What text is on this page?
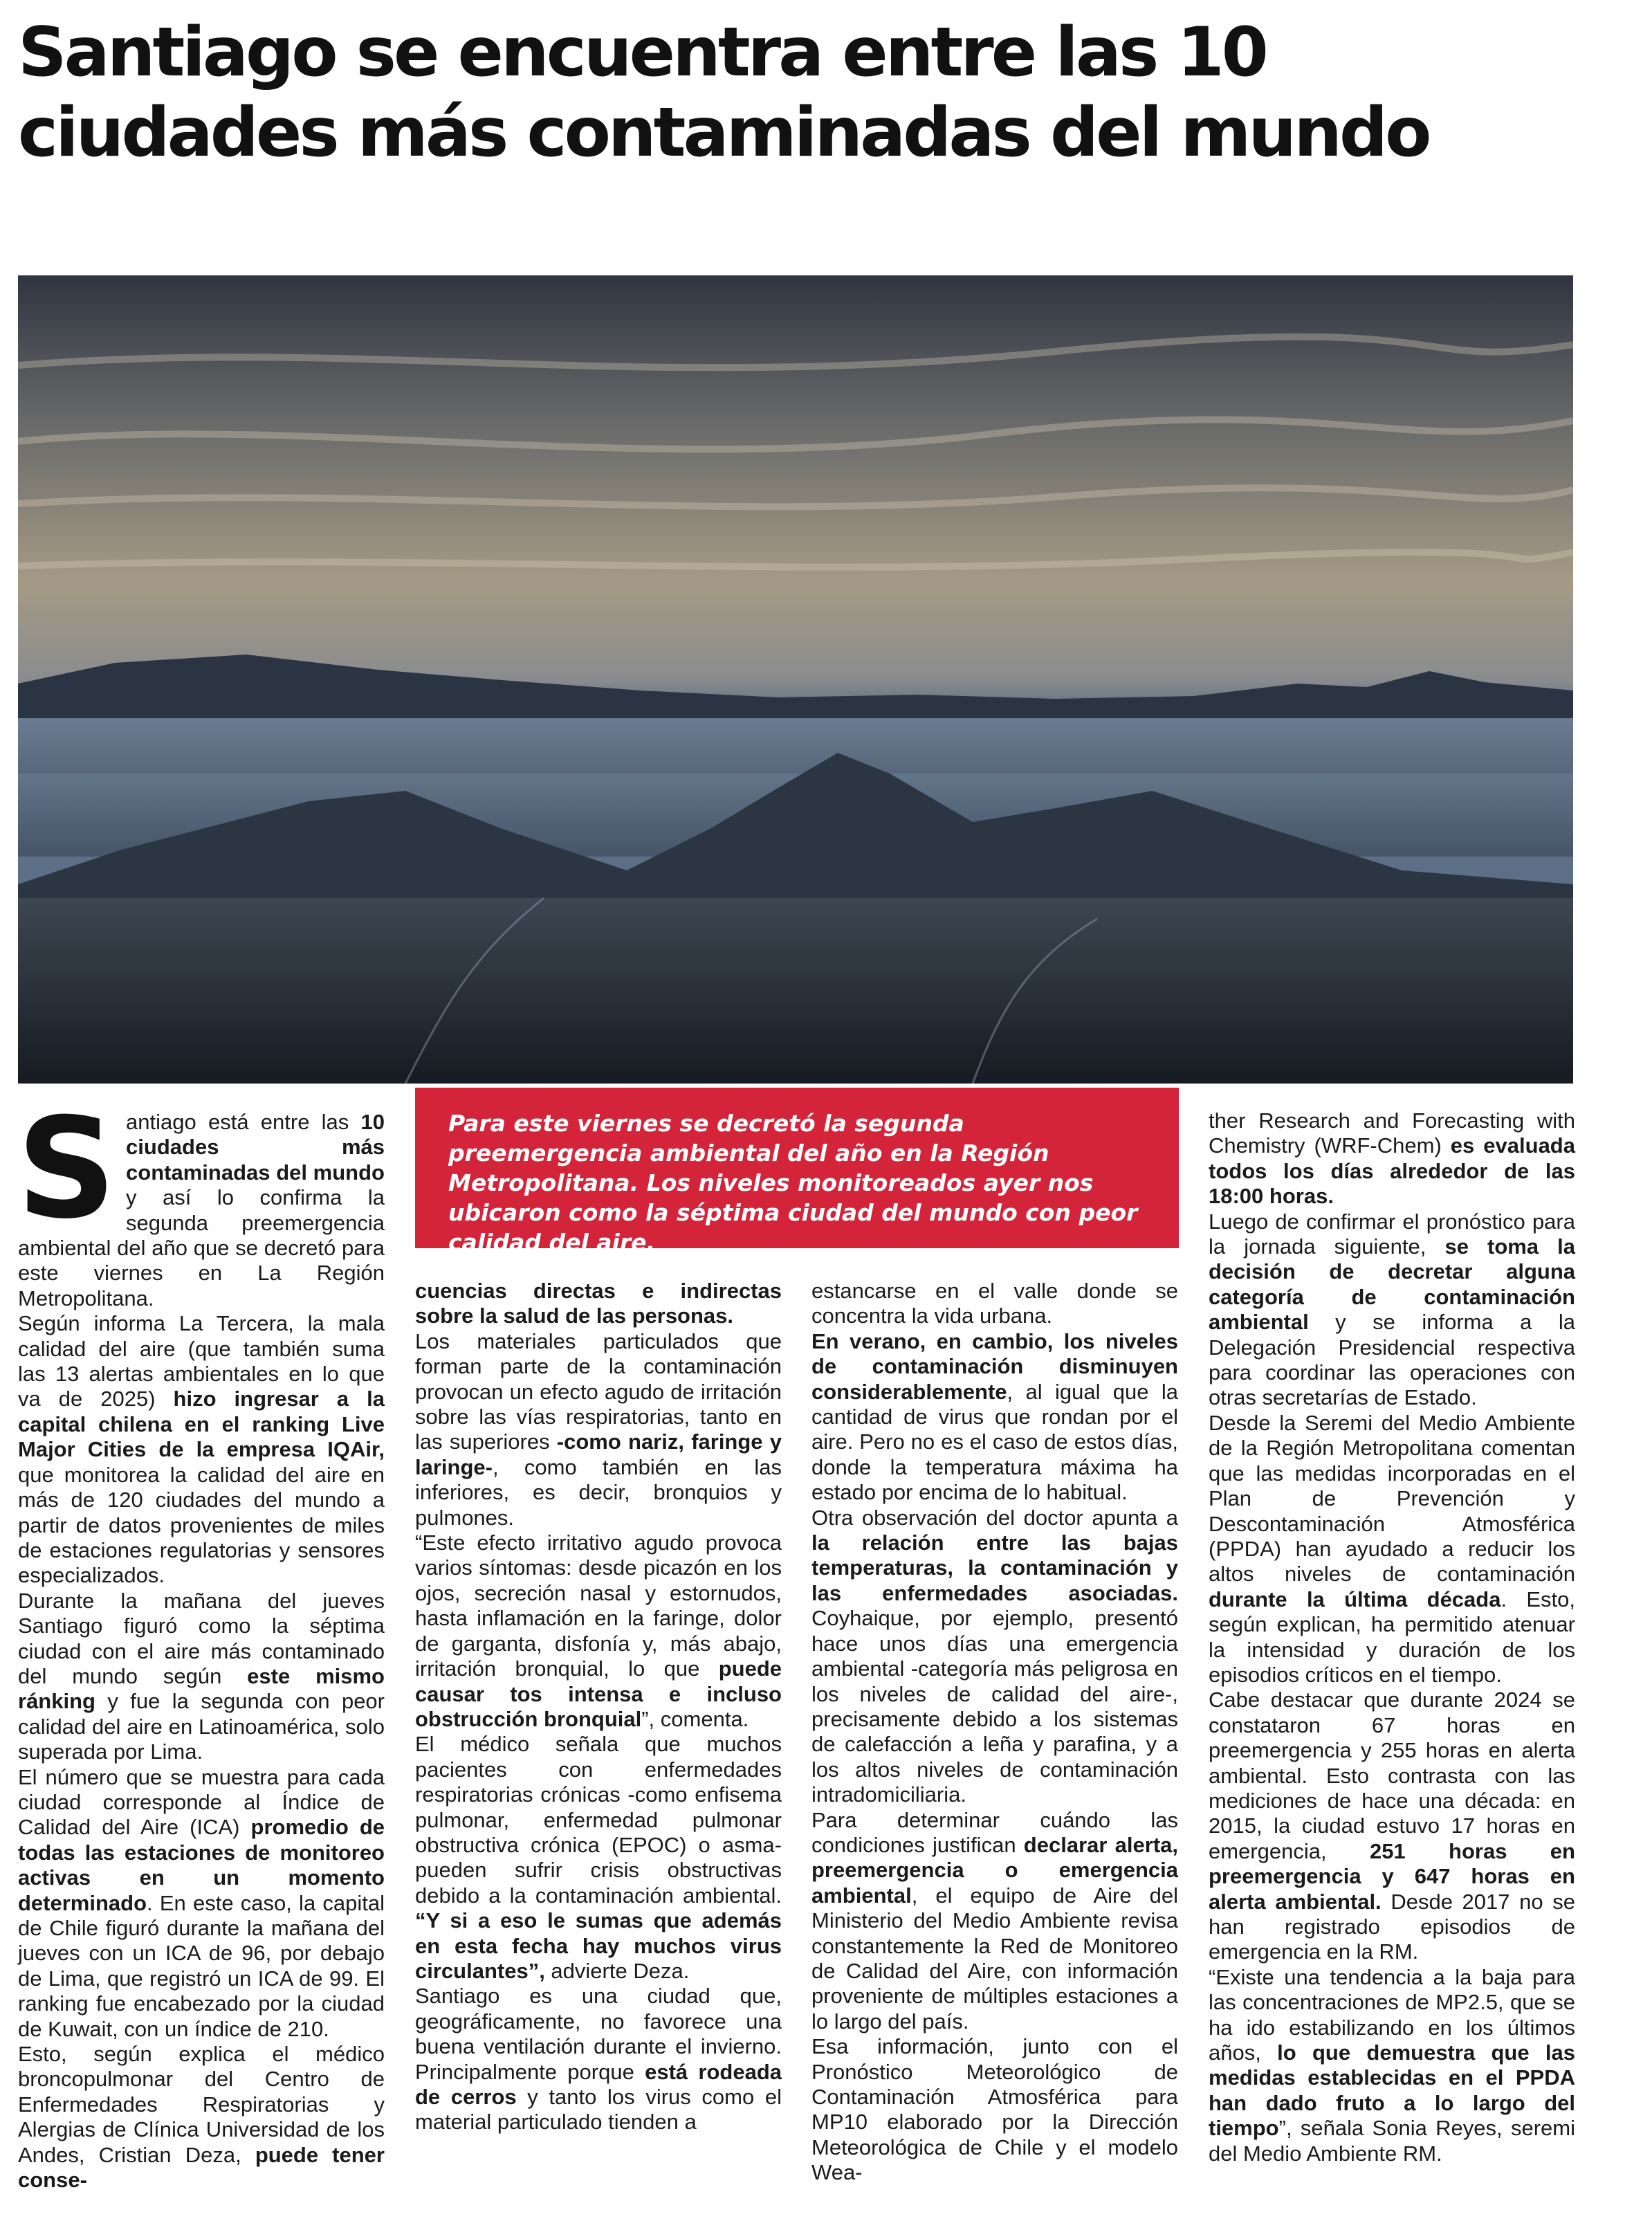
Santiago se encuentra entre las 10 ciudades más contaminadas del mundo
Para este viernes se decretó la segunda preemergencia ambiental del año en la Región Metropolitana. Los niveles monitoreados ayer nos ubicaron como la séptima ciudad del mundo con peor calidad del aire.
S antiago está entre las 10 ciudades más contaminadas del mundo y así lo confirma la segunda preemergencia ambiental del año que se decretó para este viernes en La Región Metropolitana.

Según informa La Tercera, la mala calidad del aire (que también suma las 13 alertas ambientales en lo que va de 2025) hizo ingresar a la capital chilena en el ranking Live Major Cities de la empresa IQAir, que monitorea la calidad del aire en más de 120 ciudades del mundo a partir de datos provenientes de miles de estaciones regulatorias y sensores especializados.

Durante la mañana del jueves Santiago figuró como la séptima ciudad con el aire más contaminado del mundo según este mismo ránking y fue la segunda con peor calidad del aire en Latinoamérica, solo superada por Lima.

El número que se muestra para cada ciudad corresponde al Índice de Calidad del Aire (ICA) promedio de todas las estaciones de monitoreo activas en un momento determinado. En este caso, la capital de Chile figuró durante la mañana del jueves con un ICA de 96, por debajo de Lima, que registró un ICA de 99. El ranking fue encabezado por la ciudad de Kuwait, con un índice de 210.

Esto, según explica el médico broncopulmonar del Centro de Enfermedades Respiratorias y Alergias de Clínica Universidad de los Andes, Cristian Deza, puede tener conse-

cuencias directas e indirectas sobre la salud de las personas.

Los materiales particulados que forman parte de la contaminación provocan un efecto agudo de irritación sobre las vías respiratorias, tanto en las superiores -como nariz, faringe y laringe-, como también en las inferiores, es decir, bronquios y pulmones.

“Este efecto irritativo agudo provoca varios síntomas: desde picazón en los ojos, secreción nasal y estornudos, hasta inflamación en la faringe, dolor de garganta, disfonía y, más abajo, irritación bronquial, lo que puede causar tos intensa e incluso obstrucción bronquial”, comenta.

El médico señala que muchos pacientes con enfermedades respiratorias crónicas -como enfisema pulmonar, enfermedad pulmonar obstructiva crónica (EPOC) o asma- pueden sufrir crisis obstructivas debido a la contaminación ambiental. “Y si a eso le sumas que además en esta fecha hay muchos virus circulantes”, advierte Deza.

Santiago es una ciudad que, geográficamente, no favorece una buena ventilación durante el invierno. Principalmente porque está rodeada de cerros y tanto los virus como el material particulado tienden a

estancarse en el valle donde se concentra la vida urbana.

En verano, en cambio, los niveles de contaminación disminuyen considerablemente, al igual que la cantidad de virus que rondan por el aire. Pero no es el caso de estos días, donde la temperatura máxima ha estado por encima de lo habitual.

Otra observación del doctor apunta a la relación entre las bajas temperaturas, la contaminación y las enfermedades asociadas. Coyhaique, por ejemplo, presentó hace unos días una emergencia ambiental -categoría más peligrosa en los niveles de calidad del aire-, precisamente debido a los sistemas de calefacción a leña y parafina, y a los altos niveles de contaminación intradomiciliaria.

Para determinar cuándo las condiciones justifican declarar alerta, preemergencia o emergencia ambiental, el equipo de Aire del Ministerio del Medio Ambiente revisa constantemente la Red de Monitoreo de Calidad del Aire, con información proveniente de múltiples estaciones a lo largo del país.

Esa información, junto con el Pronóstico Meteorológico de Contaminación Atmosférica para MP10 elaborado por la Dirección Meteorológica de Chile y el modelo Wea-

ther Research and Forecasting with Chemistry (WRF-Chem) es evaluada todos los días alrededor de las 18:00 horas.

Luego de confirmar el pronóstico para la jornada siguiente, se toma la decisión de decretar alguna categoría de contaminación ambiental y se informa a la Delegación Presidencial respectiva para coordinar las operaciones con otras secretarías de Estado.

Desde la Seremi del Medio Ambiente de la Región Metropolitana comentan que las medidas incorporadas en el Plan de Prevención y Descontaminación Atmosférica (PPDA) han ayudado a reducir los altos niveles de contaminación durante la última década. Esto, según explican, ha permitido atenuar la intensidad y duración de los episodios críticos en el tiempo.

Cabe destacar que durante 2024 se constataron 67 horas en preemergencia y 255 horas en alerta ambiental. Esto contrasta con las mediciones de hace una década: en 2015, la ciudad estuvo 17 horas en emergencia, 251 horas en preemergencia y 647 horas en alerta ambiental. Desde 2017 no se han registrado episodios de emergencia en la RM.

“Existe una tendencia a la baja para las concentraciones de MP2.5, que se ha ido estabilizando en los últimos años, lo que demuestra que las medidas establecidas en el PPDA han dado fruto a lo largo del tiempo”, señala Sonia Reyes, seremi del Medio Ambiente RM.
